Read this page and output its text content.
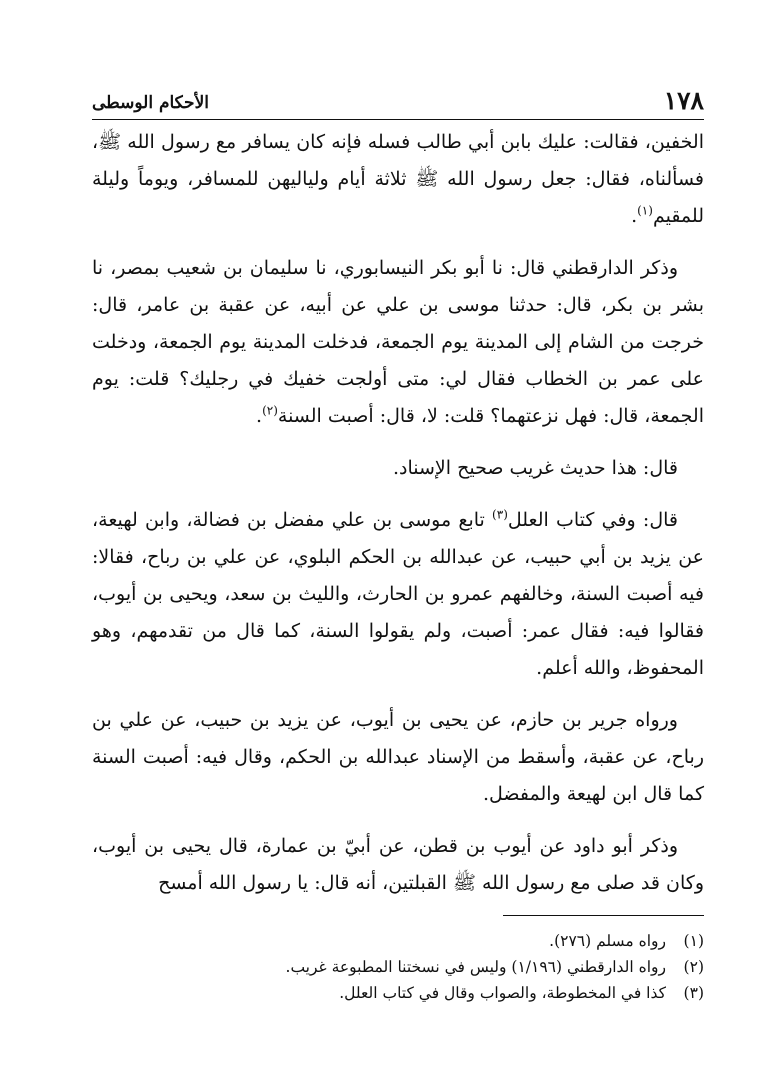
١٧٨
الأحكام الوسطى

الخفين، فقالت: عليك بابن أبي طالب فسله فإنه كان يسافر مع رسول الله ﷺ، فسألناه، فقال: جعل رسول الله ﷺ ثلاثة أيام ولياليهن للمسافر، ويوماً وليلة للمقيم$^{(١)}$.

وذكر الدارقطني قال: نا أبو بكر النيسابوري، نا سليمان بن شعيب بمصر، نا بشر بن بكر، قال: حدثنا موسى بن علي عن أبيه، عن عقبة بن عامر، قال: خرجت من الشام إلى المدينة يوم الجمعة، فدخلت المدينة يوم الجمعة، ودخلت على عمر بن الخطاب فقال لي: متى أولجت خفيك في رجليك؟ قلت: يوم الجمعة، قال: فهل نزعتهما؟ قلت: لا، قال: أصبت السنة$^{(٢)}$.

قال: هذا حديث غريب صحيح الإسناد.

قال: وفي كتاب العلل$^{(٣)}$ تابع موسى بن علي مفضل بن فضالة، وابن لهيعة، عن يزيد بن أبي حبيب، عن عبدالله بن الحكم البلوي، عن علي بن رباح، فقالا: فيه أصبت السنة، وخالفهم عمرو بن الحارث، والليث بن سعد، ويحيى بن أيوب، فقالوا فيه: فقال عمر: أصبت، ولم يقولوا السنة، كما قال من تقدمهم، وهو المحفوظ، والله أعلم.

ورواه جرير بن حازم، عن يحيى بن أيوب، عن يزيد بن حبيب، عن علي بن رباح، عن عقبة، وأسقط من الإسناد عبدالله بن الحكم، وقال فيه: أصبت السنة كما قال ابن لهيعة والمفضل.

وذكر أبو داود عن أيوب بن قطن، عن أبيّ بن عمارة، قال يحيى بن أيوب، وكان قد صلى مع رسول الله ﷺ القبلتين، أنه قال: يا رسول الله أمسح

(١)
رواه مسلم (٢٧٦).
(٢)
رواه الدارقطني (١/١٩٦) وليس في نسختنا المطبوعة غريب.
(٣)
كذا في المخطوطة، والصواب وقال في كتاب العلل.
